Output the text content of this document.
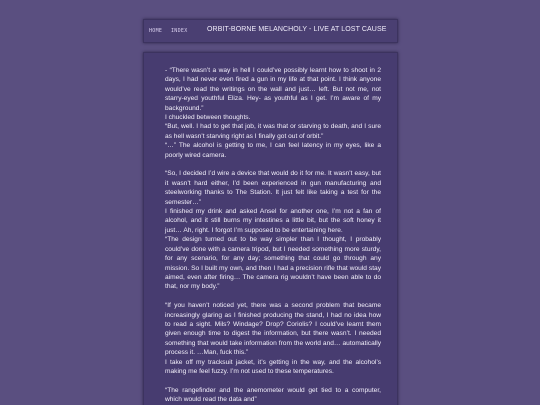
HOME INDEX	ORBIT-BORNE MELANCHOLY - LIVE AT LOST CAUSE

- “There wasn’t a way in hell I could’ve possibly learnt how to shoot in 2 days, I had never even fired a gun in my life at that point. I think anyone would’ve read the writings on the wall and just… left. But not me, not starry-eyed youthful Eliza. Hey- as youthful as I get. I’m aware of my background.”

I chuckled between thoughts.

“But, well. I had to get that job, it was that or starving to death, and I sure as hell wasn’t starving right as I finally got out of orbit.”

“…” The alcohol is getting to me, I can feel latency in my eyes, like a poorly wired camera.

“So, I decided I’d wire a device that would do it for me. It wasn’t easy, but it wasn’t hard either, I’d been experienced in gun manufacturing and steelworking thanks to The Station. It just felt like taking a test for the semester…”

I finished my drink and asked Ansel for another one, I’m not a fan of alcohol, and it still burns my intestines a little bit, but the soft honey it just… Ah, right. I forgot I’m supposed to be entertaining here.

“The design turned out to be way simpler than I thought, I probably could’ve done with a camera tripod, but I needed something more sturdy, for any scenario, for any day; something that could go through any mission. So I built my own, and then I had a precision rifle that would stay aimed, even after firing… The camera rig wouldn’t have been able to do that, nor my body.”

“If you haven’t noticed yet, there was a second problem that became increasingly glaring as I finished producing the stand, I had no idea how to read a sight. Mils? Windage? Drop? Coriolis? I could’ve learnt them given enough time to digest the information, but there wasn’t. I needed something that would take information from the world and… automatically process it. …Man, fuck this.”

I take off my tracksuit jacket, it’s getting in the way, and the alcohol’s making me feel fuzzy. I’m not used to these temperatures.

“The rangefinder and the anemometer would get tied to a computer, which would read the data and”
